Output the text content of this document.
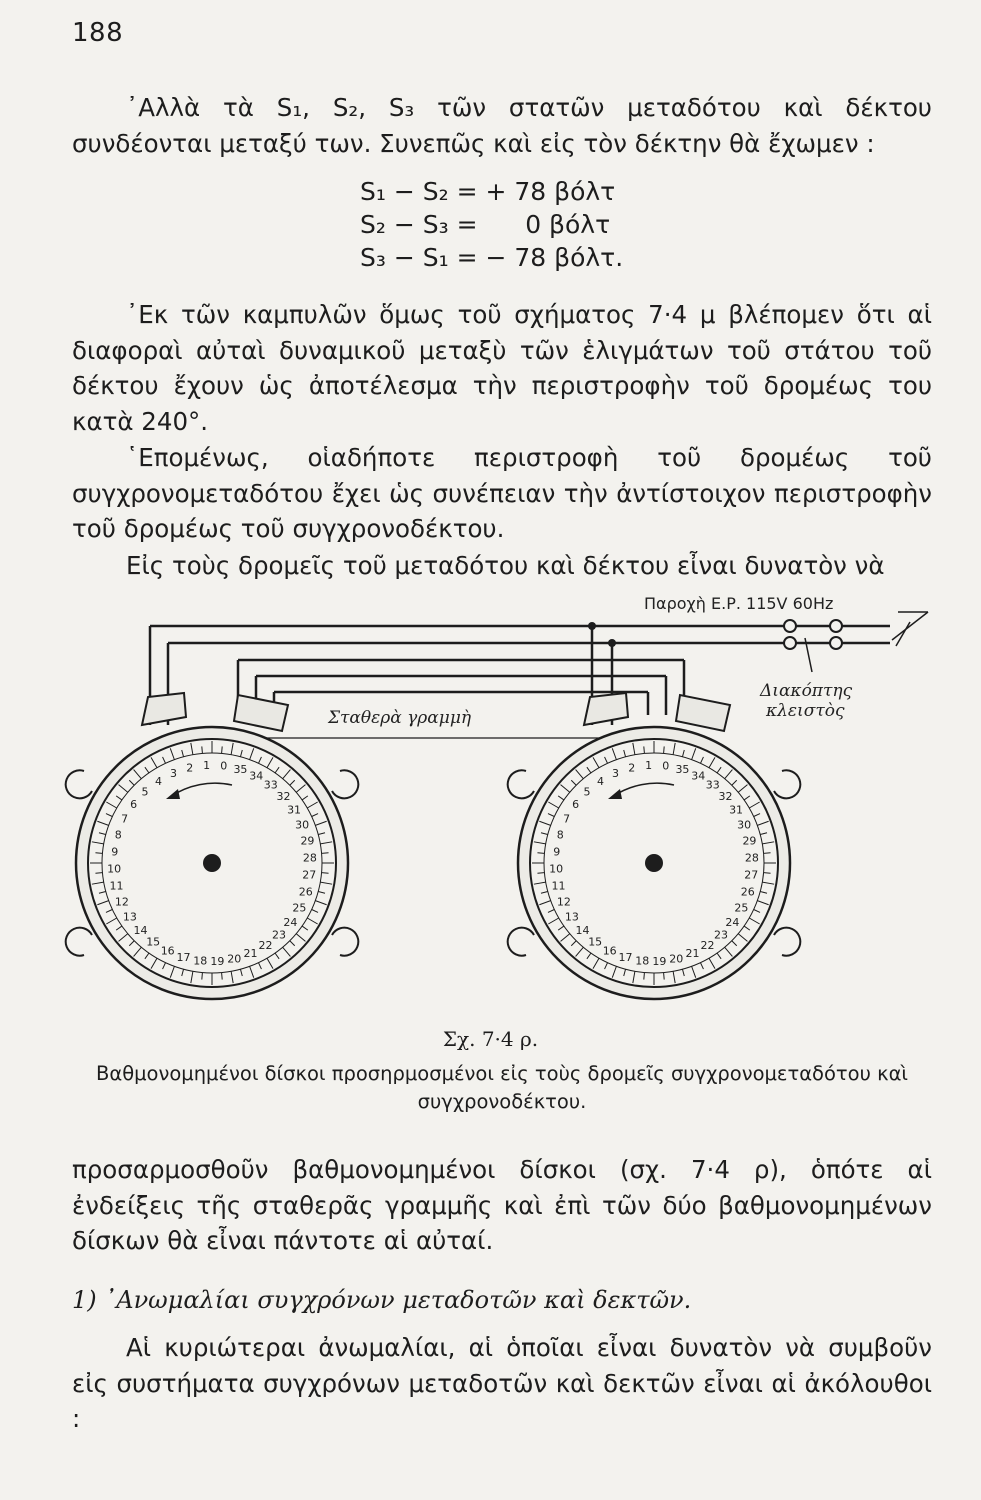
188
᾿Αλλὰ τὰ S₁, S₂, S₃ τῶν στατῶν μεταδότου καὶ δέκτου συνδέονται μεταξύ των. Συνεπῶς καὶ εἰς τὸν δέκτην θὰ ἔχωμεν :
S₁ − S₂ = + 78 βόλτ
S₂ − S₃ =      0 βόλτ
S₃ − S₁ = − 78 βόλτ.
᾿Εκ τῶν καμπυλῶν ὅμως τοῦ σχήματος 7·4 μ βλέπομεν ὅτι αἱ διαφοραὶ αὐταὶ δυναμικοῦ μεταξὺ τῶν ἑλιγμάτων τοῦ στάτου τοῦ δέκτου ἔχουν ὡς ἀποτέλεσμα τὴν περιστροφὴν τοῦ δρομέως του κατὰ 240°.
῾Επομένως, οἱαδήποτε περιστροφὴ τοῦ δρομέως τοῦ συγχρονομεταδότου ἔχει ὡς συνέπειαν τὴν ἀντίστοιχον περιστροφὴν τοῦ δρομέως τοῦ συγχρονοδέκτου.
Εἰς τοὺς δρομεῖς τοῦ μεταδότου καὶ δέκτου εἶναι δυνατὸν νὰ
Παροχὴ Ε.Ρ. 115V 60Hz
Διακόπτης
κλειστὸς
Σταθερὰ γραμμὴ
0
1
2
3
4
5
6
7
8
9
10
11
12
13
14
15
16 17 18 19 20 21
22
23
24
25
26
27
28
29
30
31
32
33
34
35	0
1
2
3
4
5
6
7
8
9
10
11
12
13
14
15
16 17 18 19 20 21
22
23
24
25
26
27
28
29
30
31
32
33
34
35
Σχ. 7·4 ρ.
Βαθμονομημένοι δίσκοι προσηρμοσμένοι εἰς τοὺς δρομεῖς συγχρονομεταδότου καὶ συγχρονοδέκτου.
προσαρμοσθοῦν βαθμονομημένοι δίσκοι (σχ. 7·4 ρ), ὁπότε αἱ ἐνδείξεις τῆς σταθερᾶς γραμμῆς καὶ ἐπὶ τῶν δύο βαθμονομημένων δίσκων θὰ εἶναι πάντοτε αἱ αὐταί.
1) ᾿Ανωμαλίαι συγχρόνων μεταδοτῶν καὶ δεκτῶν.
Αἱ κυριώτεραι ἀνωμαλίαι, αἱ ὁποῖαι εἶναι δυνατὸν νὰ συμβοῦν εἰς συστήματα συγχρόνων μεταδοτῶν καὶ δεκτῶν εἶναι αἱ ἀκόλουθοι :
